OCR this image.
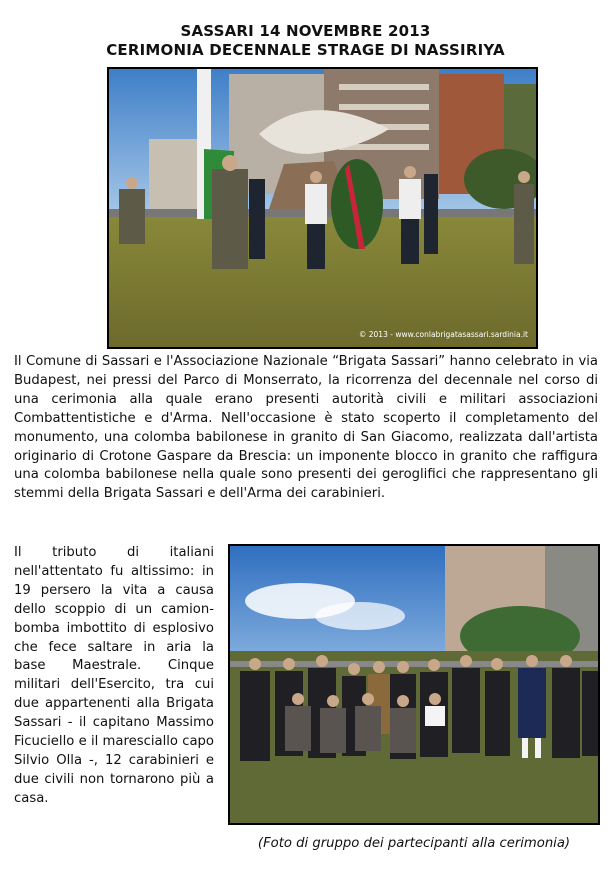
SASSARI 14 NOVEMBRE 2013
CERIMONIA DECENNALE STRAGE DI NASSIRIYA
© 2013 - www.conlabrigatasassari.sardinia.it
Il Comune di Sassari e l'Associazione Nazionale “Brigata Sassari” hanno celebrato in via Budapest, nei pressi del Parco di Monserrato, la ricorrenza del decennale nel corso di una cerimonia alla quale erano presenti autorità civili e militari associazioni Combattentistiche e d'Arma. Nell'occasione è stato scoperto il completamento del monumento, una colomba babilonese in granito di San Giacomo, realizzata dall'artista originario di Crotone Gaspare da Brescia: un imponente blocco in granito che raffigura una colomba babilonese nella quale sono presenti dei geroglifici che rappresentano gli stemmi della Brigata Sassari e dell'Arma dei carabinieri.
Il tributo di italiani nell'attentato fu altissimo: in 19 persero la vita a causa dello scoppio di un camion-bomba imbottito di esplosivo che fece saltare in aria la base Maestrale. Cinque militari dell'Esercito, tra cui due appartenenti alla Brigata Sassari - il capitano Massimo Ficuciello e il maresciallo capo Silvio Olla -, 12 carabinieri e due civili non tornarono più a casa.
(Foto di gruppo dei partecipanti alla cerimonia)
